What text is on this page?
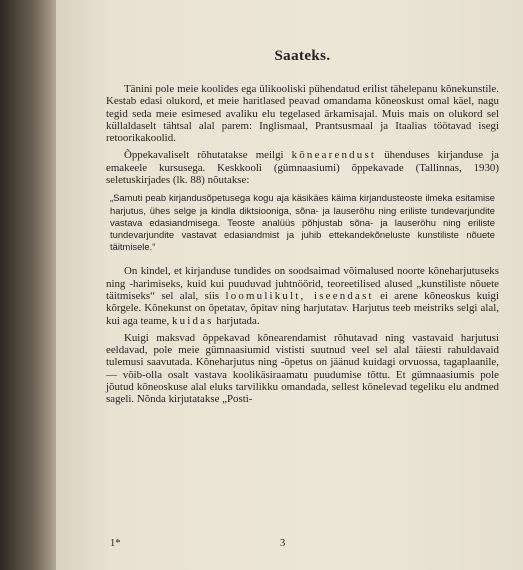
Saateks.

Tänini pole meie koolides ega ülikooliski pühendatud erilist tähelepanu kõnekunstile. Kestab edasi olukord, et meie haritlased peavad omandama kõneoskust omal käel, nagu tegid seda meie esimesed avaliku elu tegelased ärkamisajal. Muis mais on olukord sel küllaldaselt tähtsal alal parem: Inglismaal, Prantsusmaal ja Itaalias töötavad isegi retoorikakoolid.

Õppekavaliselt rõhutatakse meilgi kõnearendust ühenduses kirjanduse ja emakeele kursusega. Keskkooli (gümnaasiumi) õppekavade (Tallinnas, 1930) seletuskirjades (lk. 88) nõutakse:

„Samuti peab kirjandusõpetusega kogu aja käsikäes käima kirjandusteoste ilmeka esitamise harjutus, ühes selge ja kindla diktsiooniga, sõna- ja lauseröhu ning eriliste tundevarjundite vastava edasiandmisega. Teoste analüüs põhjustab sõna- ja lauseröhu ning eriliste tundevarjundite vastavat edasiandmist ja juhib ettekandekõneluste kunstiliste nõuete täitmisele.“

On kindel, et kirjanduse tundides on soodsaimad võimalused noorte kõneharjutuseks ning -harimiseks, kuid kui puuduvad juhtnöörid, teoreetilised alused „kunstiliste nõuete täitmiseks“ sel alal, siis loomulikult, iseendast ei arene kõneoskus kuigi kõrgele. Kõnekunst on õpetatav, õpitav ning harjutatav. Harjutus teeb meistriks selgi alal, kui aga teame, kuidas harjutada.

Kuigi maksvad õppekavad kõnearendamist rõhutavad ning vastavaid harjutusi eeldavad, pole meie gümnaasiumid vististi suutnud veel sel alal täiesti rahuldavaid tulemusi saavutada. Kõneharjutus ning -õpetus on jäänud kuidagi orvuossa, tagaplaanile, — võib-olla osalt vastava koolikäsiraamatu puudumise tõttu. Et gümnaasiumis pole jõutud kõneoskuse alal eluks tarvilikku omandada, sellest kõnelevad tegeliku elu andmed sageli. Nõnda kirjutatakse „Posti-

1*	3
